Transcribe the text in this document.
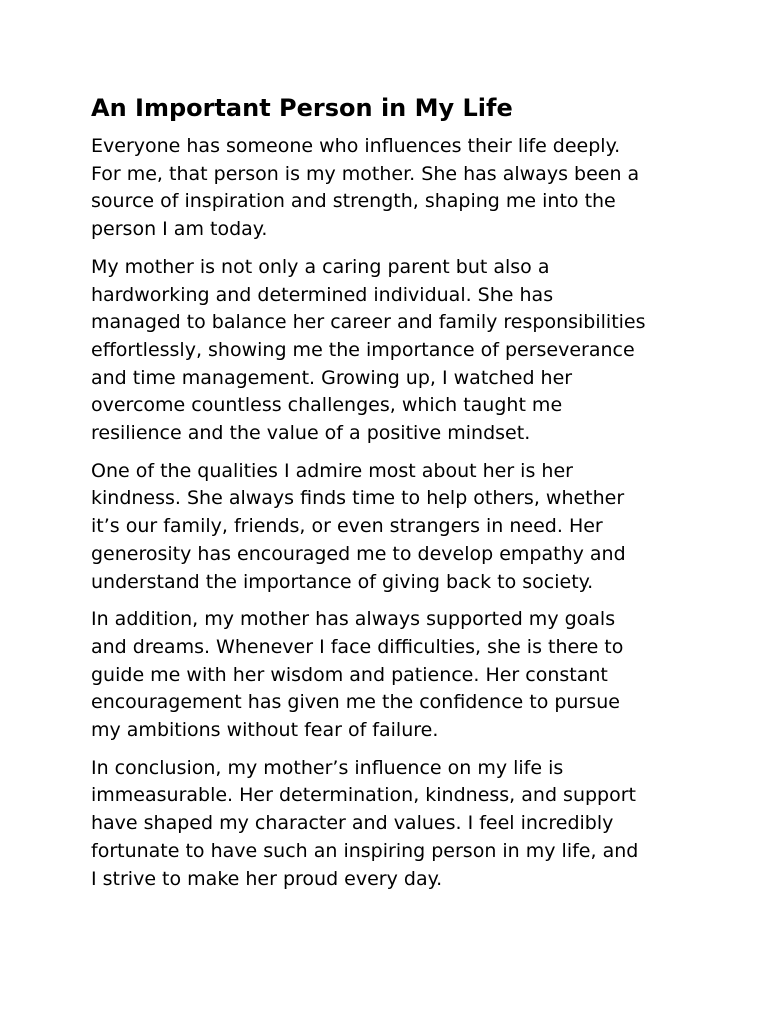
An Important Person in My Life

Everyone has someone who influences their life deeply.
For me, that person is my mother. She has always been a
source of inspiration and strength, shaping me into the
person I am today.

My mother is not only a caring parent but also a
hardworking and determined individual. She has
managed to balance her career and family responsibilities
effortlessly, showing me the importance of perseverance
and time management. Growing up, I watched her
overcome countless challenges, which taught me
resilience and the value of a positive mindset.

One of the qualities I admire most about her is her
kindness. She always finds time to help others, whether
it’s our family, friends, or even strangers in need. Her
generosity has encouraged me to develop empathy and
understand the importance of giving back to society.

In addition, my mother has always supported my goals
and dreams. Whenever I face difficulties, she is there to
guide me with her wisdom and patience. Her constant
encouragement has given me the confidence to pursue
my ambitions without fear of failure.

In conclusion, my mother’s influence on my life is
immeasurable. Her determination, kindness, and support
have shaped my character and values. I feel incredibly
fortunate to have such an inspiring person in my life, and
I strive to make her proud every day.
